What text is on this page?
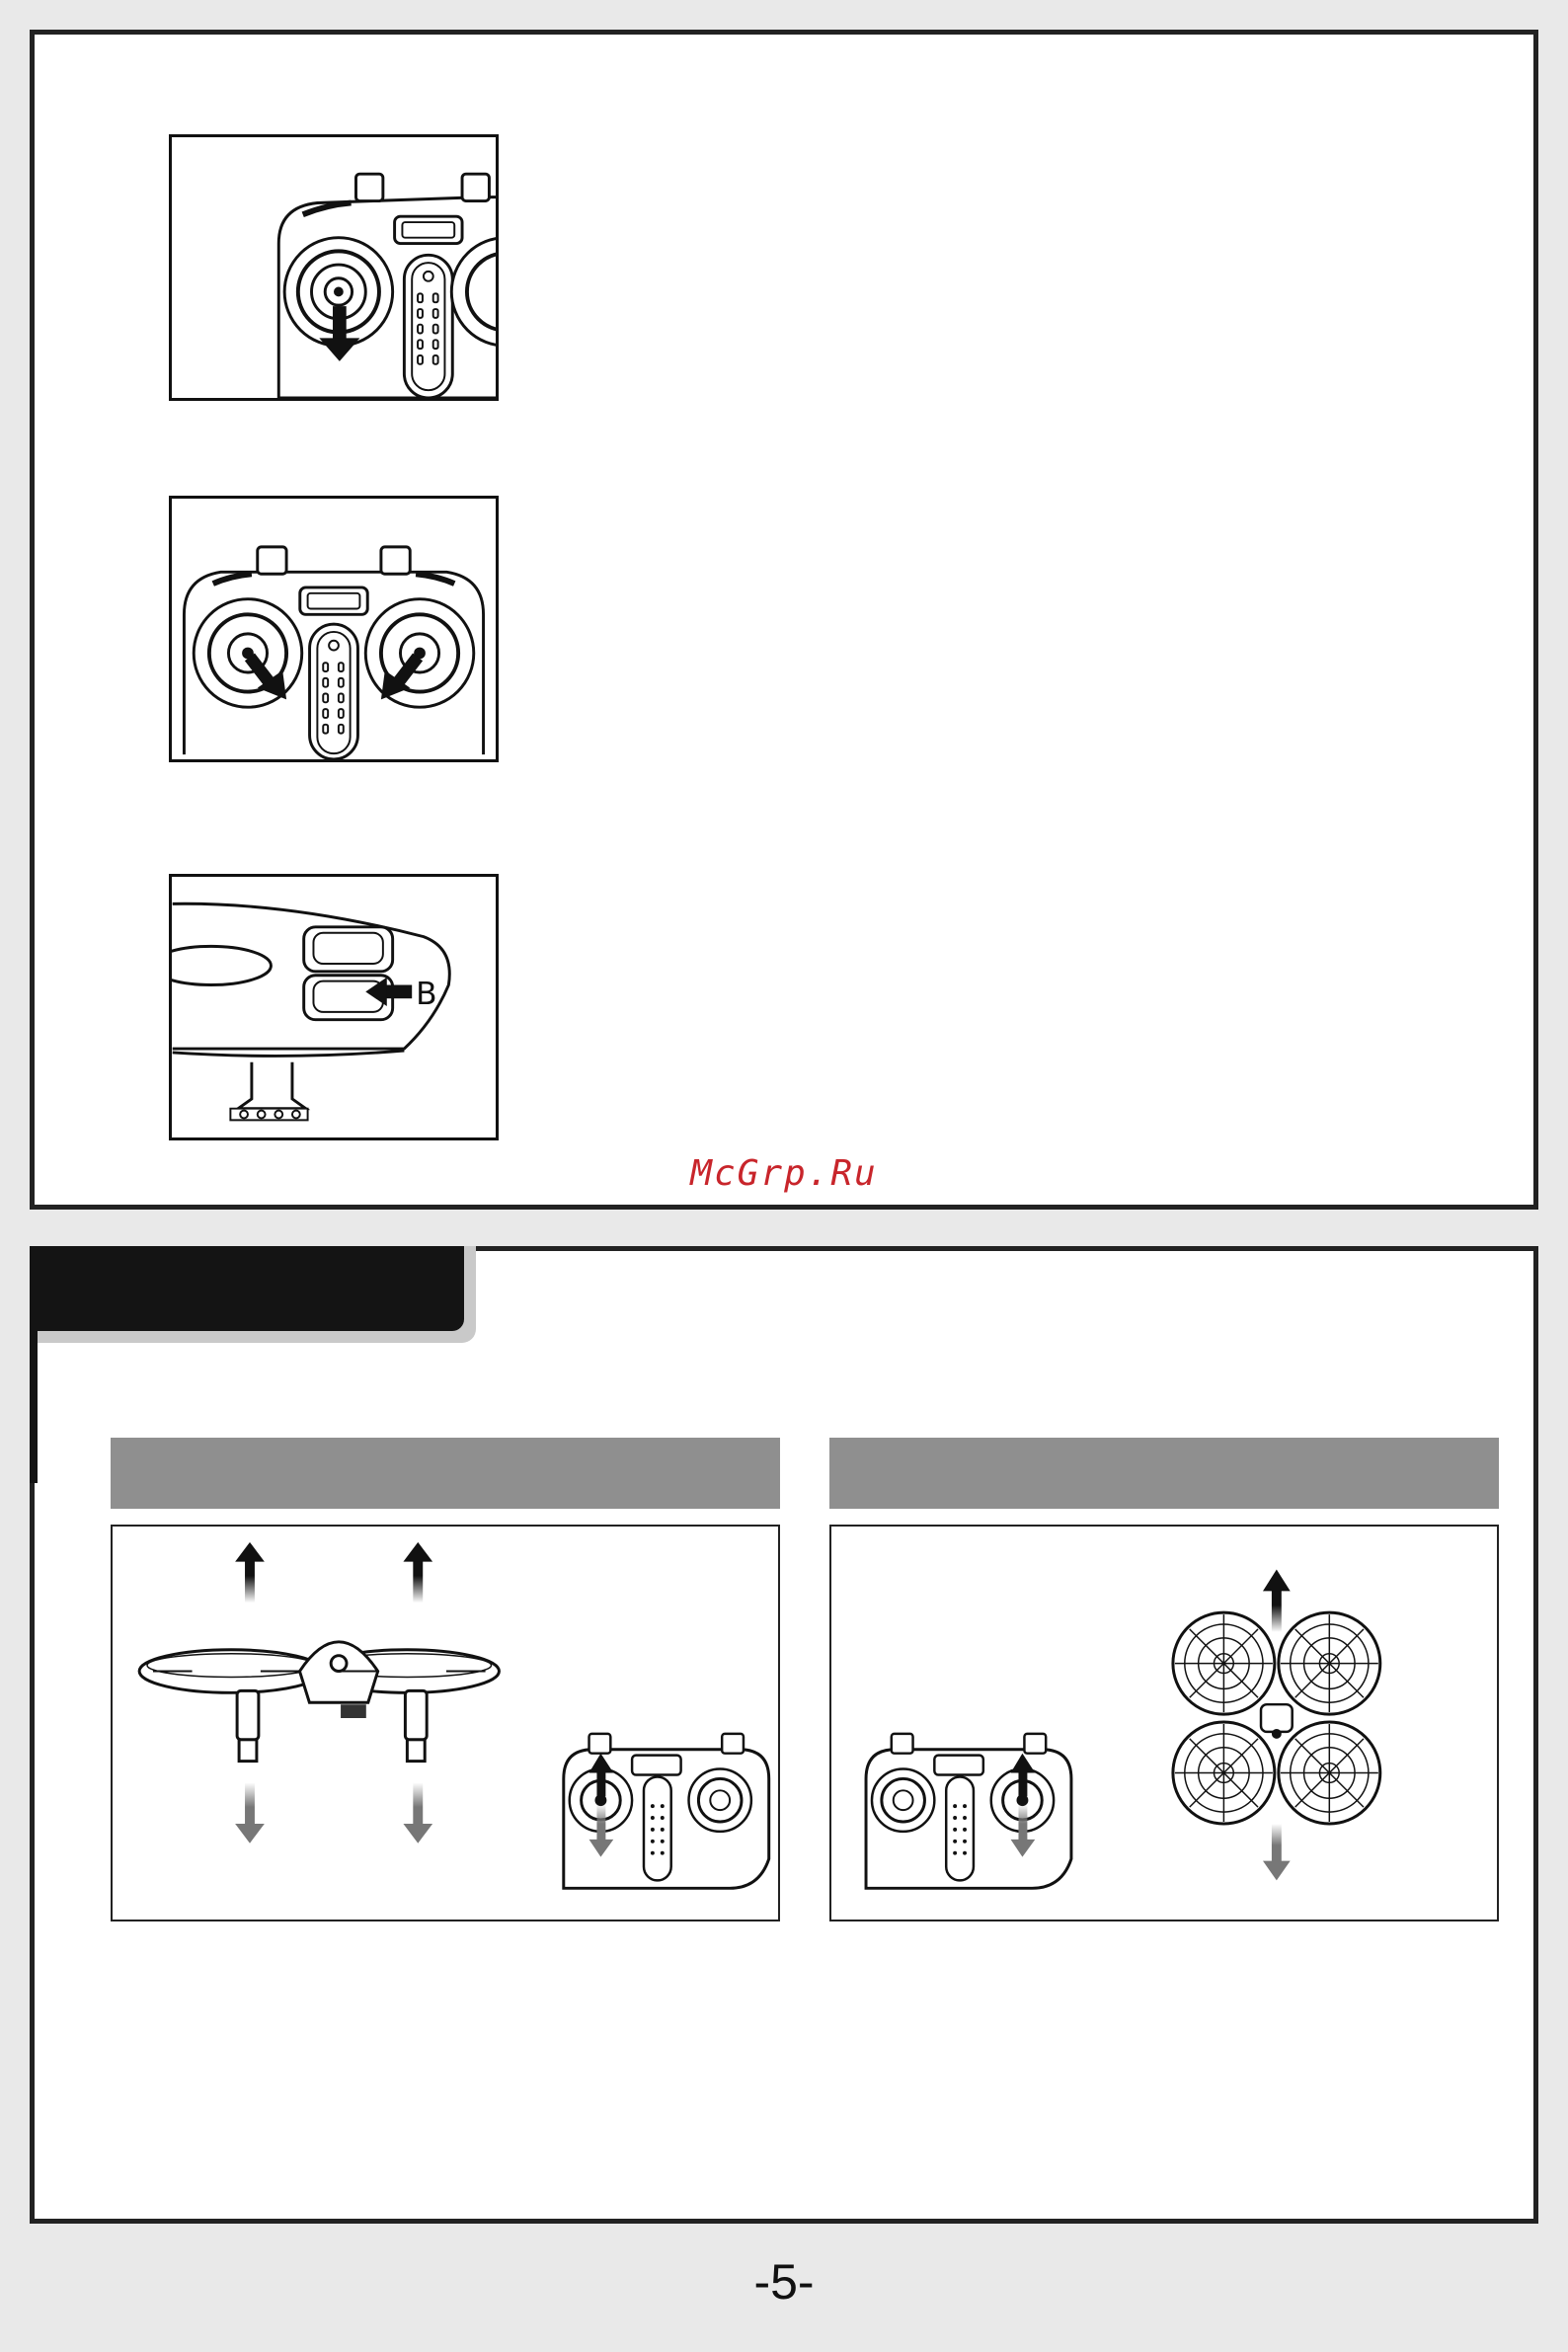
B
McGrp.Ru
-5-
